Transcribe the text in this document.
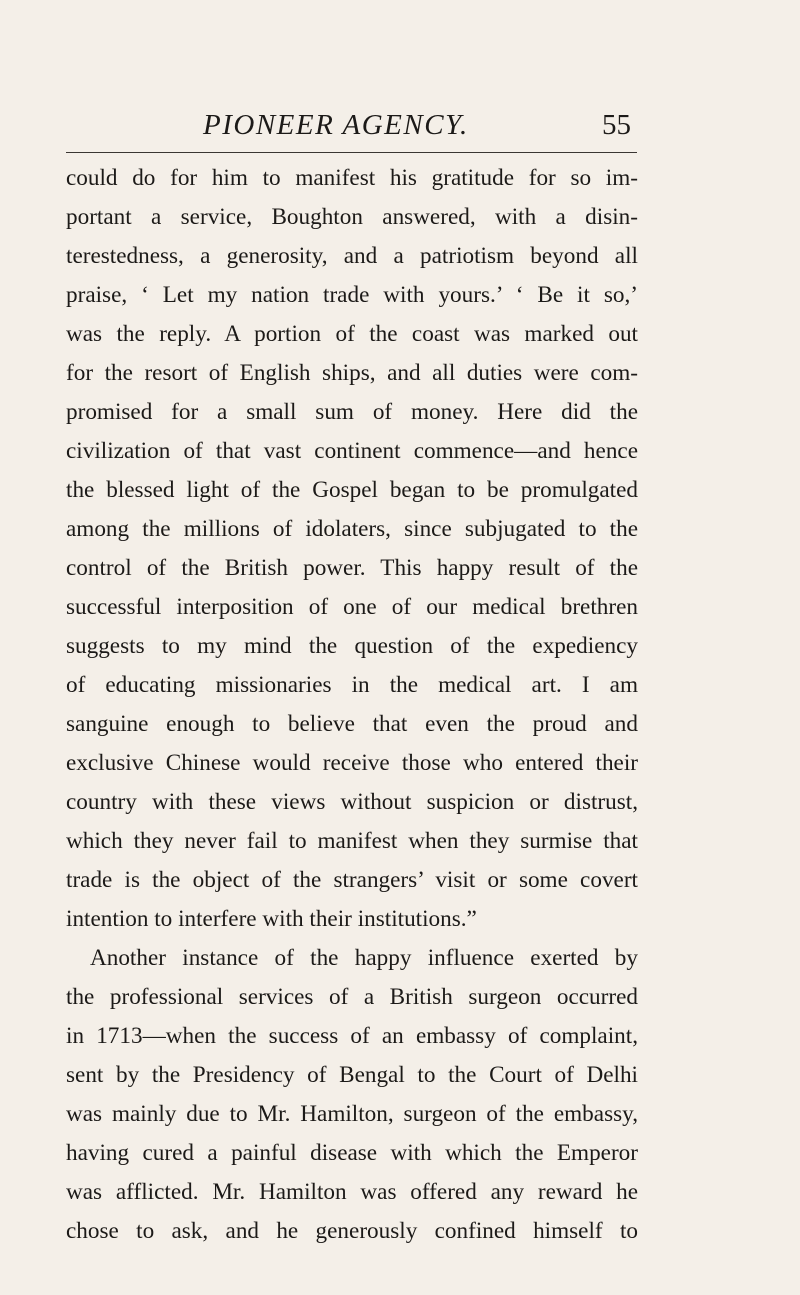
PIONEER AGENCY.	55
could do for him to manifest his gratitude for so im-
portant a service, Boughton answered, with a disin-
terestedness, a generosity, and a patriotism beyond all
praise, ‘ Let my nation trade with yours.’ ‘ Be it so,’
was the reply. A portion of the coast was marked out
for the resort of English ships, and all duties were com-
promised for a small sum of money. Here did the
civilization of that vast continent commence—and hence
the blessed light of the Gospel began to be promulgated
among the millions of idolaters, since subjugated to the
control of the British power. This happy result of the
successful interposition of one of our medical brethren
suggests to my mind the question of the expediency
of educating missionaries in the medical art. I am
sanguine enough to believe that even the proud and
exclusive Chinese would receive those who entered their
country with these views without suspicion or distrust,
which they never fail to manifest when they surmise that
trade is the object of the strangers’ visit or some covert
intention to interfere with their institutions.”
Another instance of the happy influence exerted by
the professional services of a British surgeon occurred
in 1713—when the success of an embassy of complaint,
sent by the Presidency of Bengal to the Court of Delhi
was mainly due to Mr. Hamilton, surgeon of the embassy,
having cured a painful disease with which the Emperor
was afflicted. Mr. Hamilton was offered any reward he
chose to ask, and he generously confined himself to
